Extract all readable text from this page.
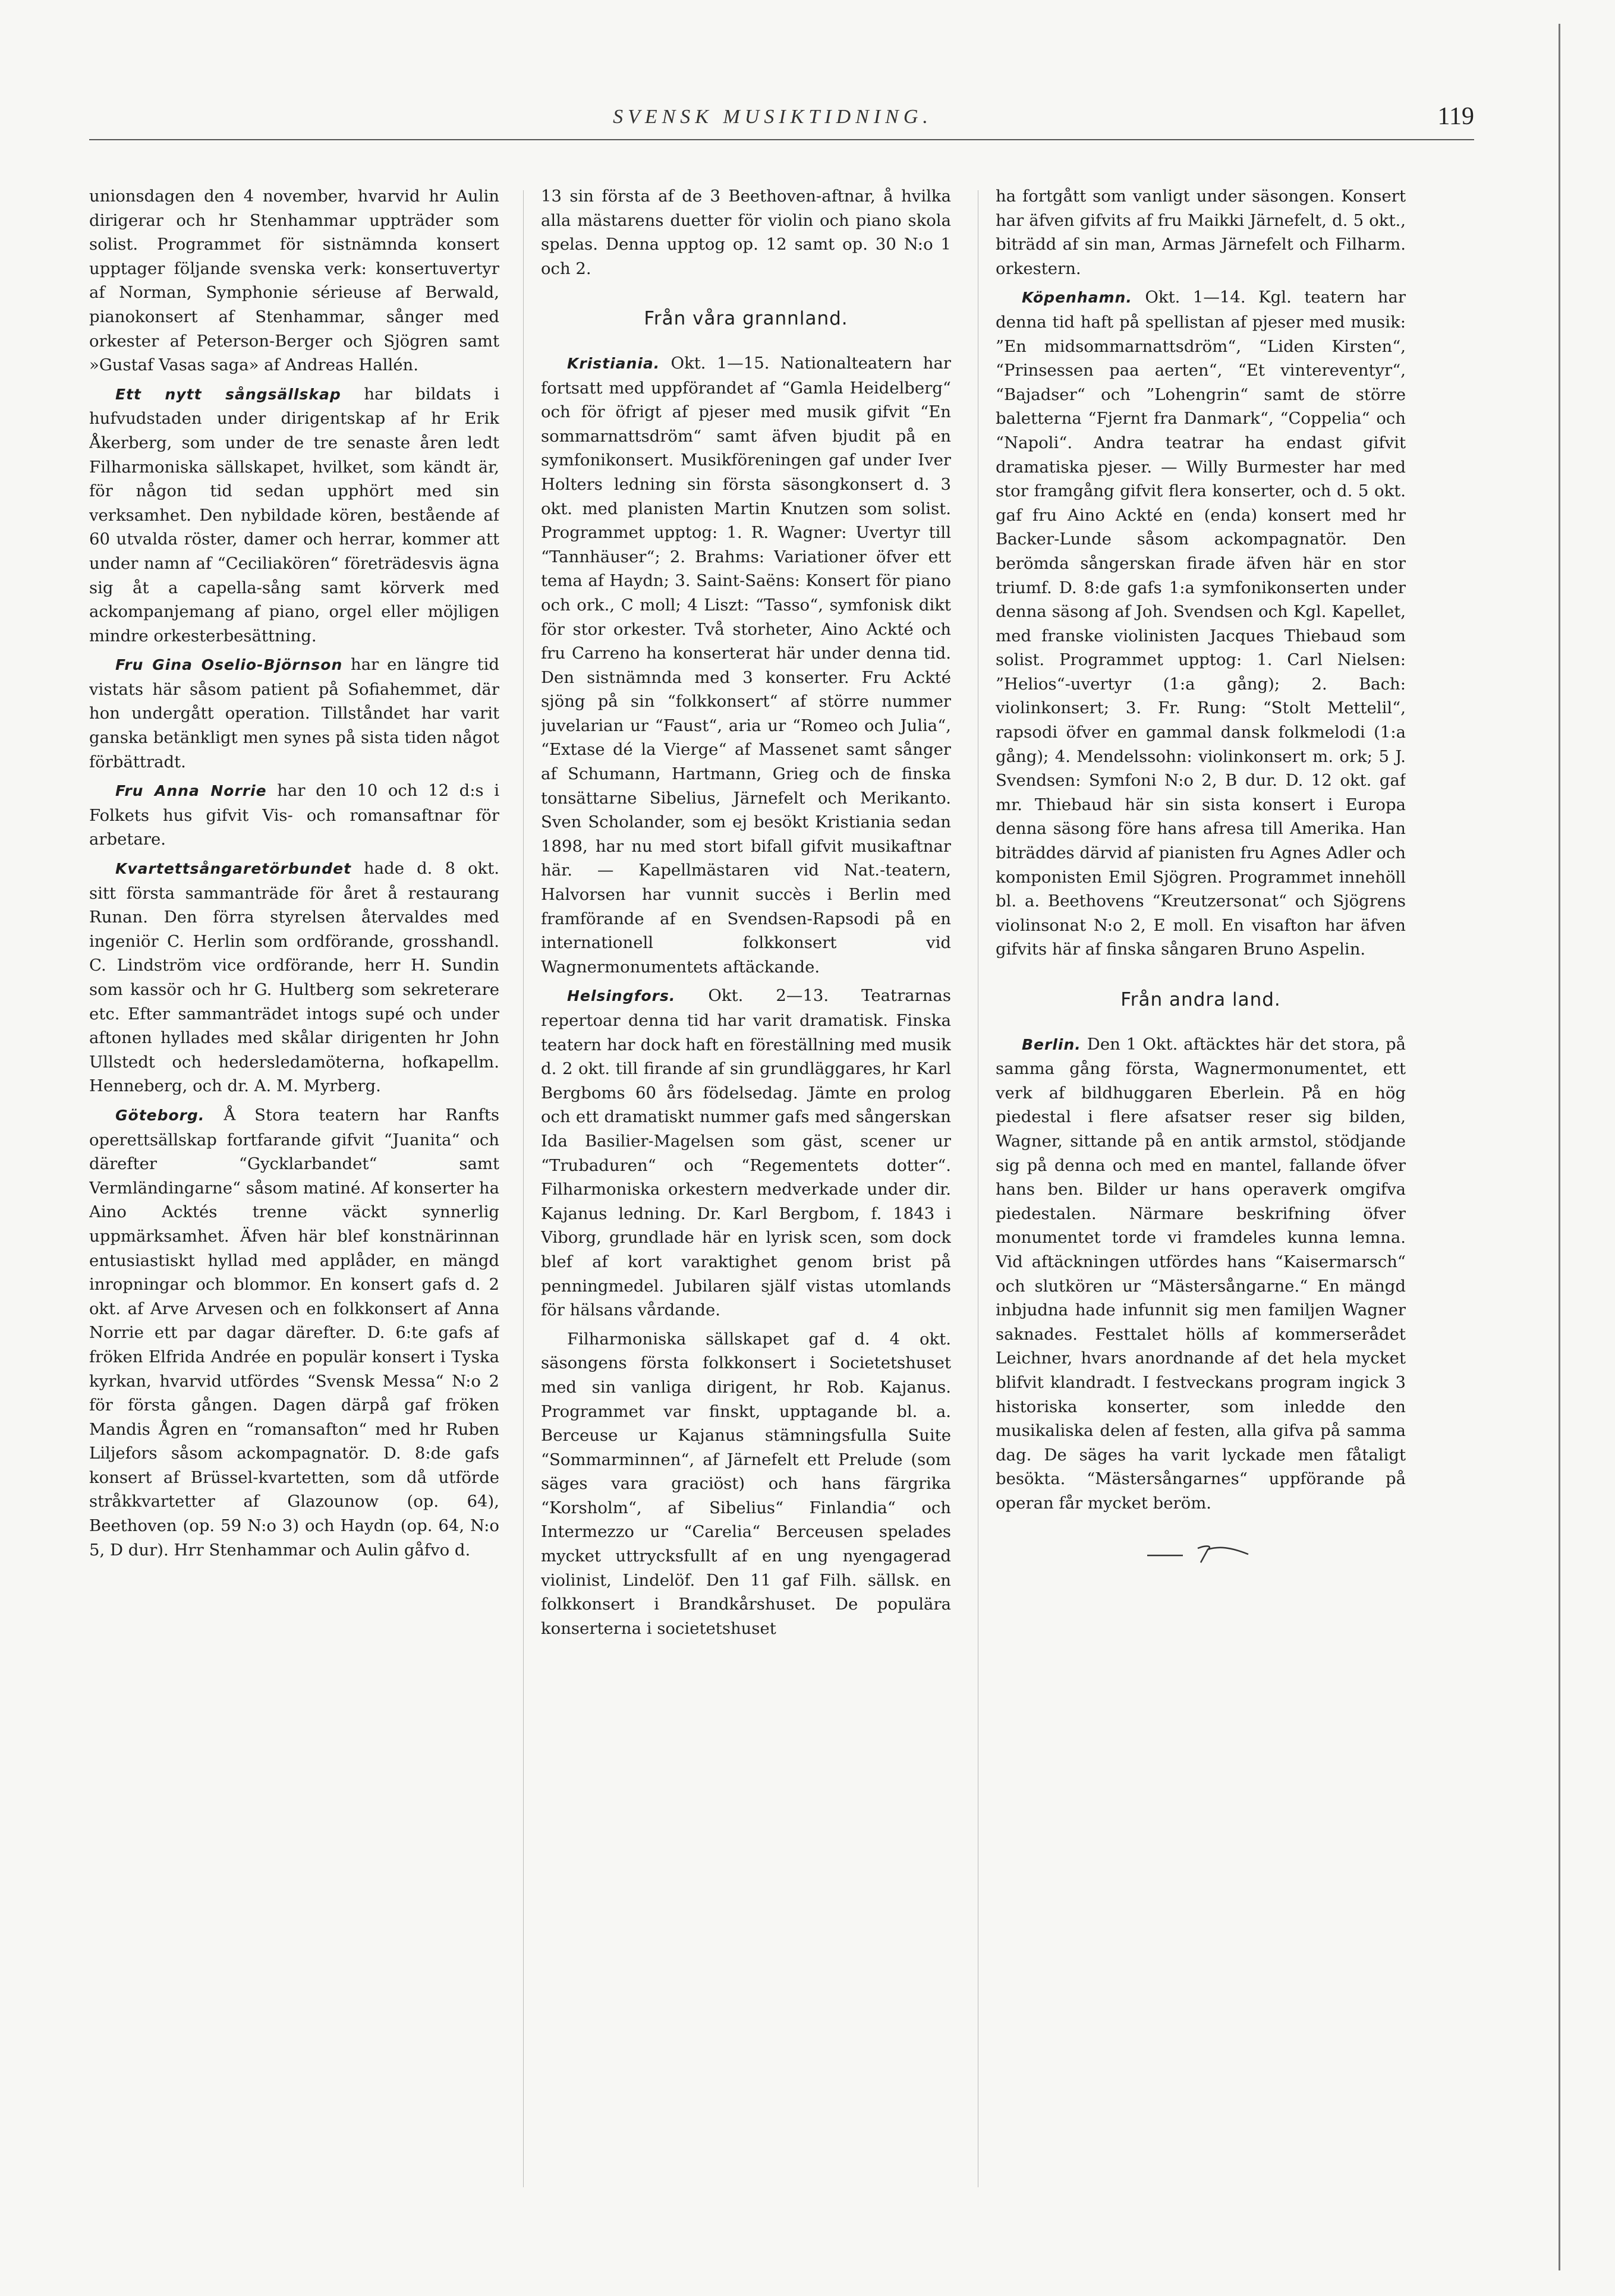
SVENSK MUSIKTIDNING.	119

unionsdagen den 4 november, hvarvid hr Aulin dirigerar och hr Stenhammar uppträder som solist. Programmet för sistnämnda konsert upptager följande svenska verk: konsertuvertyr af Norman, Symphonie sérieuse af Berwald, pianokonsert af Stenhammar, sånger med orkester af Peterson-Berger och Sjögren samt »Gustaf Vasas saga» af Andreas Hallén.

Ett nytt sångsällskap har bildats i hufvudstaden under dirigentskap af hr Erik Åkerberg, som under de tre senaste åren ledt Filharmoniska sällskapet, hvilket, som kändt är, för någon tid sedan upphört med sin verksamhet. Den nybildade kören, bestående af 60 utvalda röster, damer och herrar, kommer att under namn af “Ceciliakören“ företrädesvis ägna sig åt a capella-sång samt körverk med ackompanjemang af piano, orgel eller möjligen mindre orkesterbesättning.

Fru Gina Oselio-Björnson har en längre tid vistats här såsom patient på Sofiahemmet, där hon undergått operation. Tillståndet har varit ganska betänkligt men synes på sista tiden något förbättradt.

Fru Anna Norrie har den 10 och 12 d:s i Folkets hus gifvit Vis- och romansaftnar för arbetare.

Kvartettsångaretörbundet hade d. 8 okt. sitt första sammanträde för året å restaurang Runan. Den förra styrelsen återvaldes med ingeniör C. Herlin som ordförande, grosshandl. C. Lindström vice ordförande, herr H. Sundin som kassör och hr G. Hultberg som sekreterare etc. Efter sammanträdet intogs supé och under aftonen hyllades med skålar dirigenten hr John Ullstedt och hedersledamöterna, hofkapellm. Henneberg, och dr. A. M. Myrberg.

Göteborg. Å Stora teatern har Ranfts operettsällskap fortfarande gifvit “Juanita“ och därefter “Gycklarbandet“ samt Vermländingarne“ såsom matiné. Af konserter ha Aino Acktés trenne väckt synnerlig uppmärksamhet. Äfven här blef konstnärinnan entusiastiskt hyllad med applåder, en mängd inropningar och blommor. En konsert gafs d. 2 okt. af Arve Arvesen och en folkkonsert af Anna Norrie ett par dagar därefter. D. 6:te gafs af fröken Elfrida Andrée en populär konsert i Tyska kyrkan, hvarvid utfördes “Svensk Messa“ N:o 2 för första gången. Dagen därpå gaf fröken Mandis Ågren en “romansafton“ med hr Ruben Liljefors såsom ackompagnatör. D. 8:de gafs konsert af Brüssel-kvartetten, som då utförde stråkkvartetter af Glazounow (op. 64), Beethoven (op. 59 N:o 3) och Haydn (op. 64, N:o 5, D dur). Hrr Stenhammar och Aulin gåfvo d.

13 sin första af de 3 Beethoven-aftnar, å hvilka alla mästarens duetter för violin och piano skola spelas. Denna upptog op. 12 samt op. 30 N:o 1 och 2.

Från våra grannland.

Kristiania. Okt. 1—15. Nationalteatern har fortsatt med uppförandet af “Gamla Heidelberg“ och för öfrigt af pjeser med musik gifvit “En sommarnattsdröm“ samt äfven bjudit på en symfonikonsert. Musikföreningen gaf under Iver Holters ledning sin första säsongkonsert d. 3 okt. med planisten Martin Knutzen som solist. Programmet upptog: 1. R. Wagner: Uvertyr till “Tannhäuser“; 2. Brahms: Variationer öfver ett tema af Haydn; 3. Saint-Saëns: Konsert för piano och ork., C moll; 4 Liszt: “Tasso“, symfonisk dikt för stor orkester. Två storheter, Aino Ackté och fru Carreno ha konserterat här under denna tid. Den sistnämnda med 3 konserter. Fru Ackté sjöng på sin “folkkonsert“ af större nummer juvelarian ur “Faust“, aria ur “Romeo och Julia“, “Extase dé la Vierge“ af Massenet samt sånger af Schumann, Hartmann, Grieg och de finska tonsättarne Sibelius, Järnefelt och Merikanto. Sven Scholander, som ej besökt Kristiania sedan 1898, har nu med stort bifall gifvit musikaftnar här. — Kapellmästaren vid Nat.-teatern, Halvorsen har vunnit succès i Berlin med framförande af en Svendsen-Rapsodi på en internationell folkkonsert vid Wagnermonumentets aftäckande.

Helsingfors. Okt. 2—13. Teatrarnas repertoar denna tid har varit dramatisk. Finska teatern har dock haft en föreställning med musik d. 2 okt. till firande af sin grundläggares, hr Karl Bergboms 60 års födelsedag. Jämte en prolog och ett dramatiskt nummer gafs med sångerskan Ida Basilier-Magelsen som gäst, scener ur “Trubaduren“ och “Regementets dotter“. Filharmoniska orkestern medverkade under dir. Kajanus ledning. Dr. Karl Bergbom, f. 1843 i Viborg, grundlade här en lyrisk scen, som dock blef af kort varaktighet genom brist på penningmedel. Jubilaren själf vistas utomlands för hälsans vårdande.

Filharmoniska sällskapet gaf d. 4 okt. säsongens första folkkonsert i Societetshuset med sin vanliga dirigent, hr Rob. Kajanus. Programmet var finskt, upptagande bl. a. Berceuse ur Kajanus stämningsfulla Suite “Sommarminnen“, af Järnefelt ett Prelude (som säges vara graciöst) och hans färgrika “Korsholm“, af Sibelius“ Finlandia“ och Intermezzo ur “Carelia“ Berceusen spelades mycket uttrycksfullt af en ung nyengagerad violinist, Lindelöf. Den 11 gaf Filh. sällsk. en folkkonsert i Brandkårshuset. De populära konserterna i societetshuset

ha fortgått som vanligt under säsongen. Konsert har äfven gifvits af fru Maikki Järnefelt, d. 5 okt., biträdd af sin man, Armas Järnefelt och Filharm. orkestern.

Köpenhamn. Okt. 1—14. Kgl. teatern har denna tid haft på spellistan af pjeser med musik: ”En midsommarnattsdröm“, “Liden Kirsten“, “Prinsessen paa aerten“, “Et vintereventyr“, “Bajadser“ och ”Lohengrin“ samt de större baletterna “Fjernt fra Danmark“, “Coppelia“ och “Napoli“. Andra teatrar ha endast gifvit dramatiska pjeser. — Willy Burmester har med stor framgång gifvit flera konserter, och d. 5 okt. gaf fru Aino Ackté en (enda) konsert med hr Backer-Lunde såsom ackompagnatör. Den berömda sångerskan firade äfven här en stor triumf. D. 8:de gafs 1:a symfonikonserten under denna säsong af Joh. Svendsen och Kgl. Kapellet, med franske violinisten Jacques Thiebaud som solist. Programmet upptog: 1. Carl Nielsen: ”Helios“-uvertyr (1:a gång); 2. Bach: violinkonsert; 3. Fr. Rung: “Stolt Mettelil“, rapsodi öfver en gammal dansk folkmelodi (1:a gång); 4. Mendelssohn: violinkonsert m. ork; 5 J. Svendsen: Symfoni N:o 2, B dur. D. 12 okt. gaf mr. Thiebaud här sin sista konsert i Europa denna säsong före hans afresa till Amerika. Han biträddes därvid af pianisten fru Agnes Adler och komponisten Emil Sjögren. Programmet innehöll bl. a. Beethovens “Kreutzersonat“ och Sjögrens violinsonat N:o 2, E moll. En visafton har äfven gifvits här af finska sångaren Bruno Aspelin.

Från andra land.

Berlin. Den 1 Okt. aftäcktes här det stora, på samma gång första, Wagnermonumentet, ett verk af bildhuggaren Eberlein. På en hög piedestal i flere afsatser reser sig bilden, Wagner, sittande på en antik armstol, stödjande sig på denna och med en mantel, fallande öfver hans ben. Bilder ur hans operaverk omgifva piedestalen. Närmare beskrifning öfver monumentet torde vi framdeles kunna lemna. Vid aftäckningen utfördes hans “Kaisermarsch“ och slutkören ur “Mästersångarne.“ En mängd inbjudna hade infunnit sig men familjen Wagner saknades. Festtalet hölls af kommerserådet Leichner, hvars anordnande af det hela mycket blifvit klandradt. I festveckans program ingick 3 historiska konserter, som inledde den musikaliska delen af festen, alla gifva på samma dag. De säges ha varit lyckade men fåtaligt besökta. “Mästersångarnes“ uppförande på operan får mycket beröm.
